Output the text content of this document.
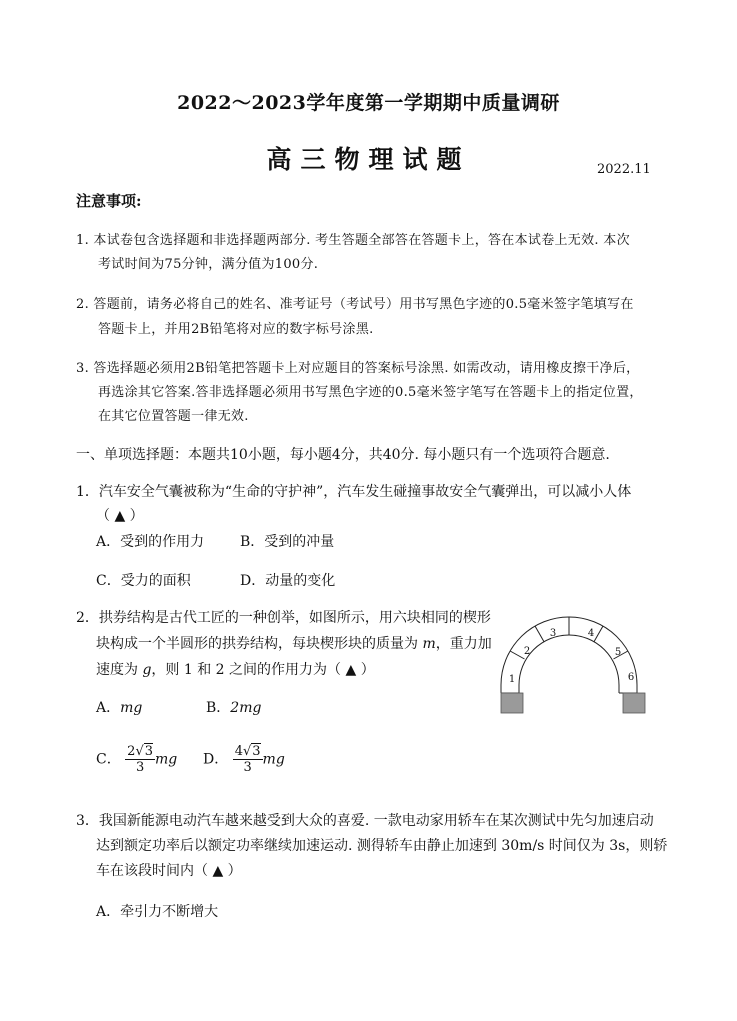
2022～2023学年度第一学期期中质量调研
高三物理试题	2022.11
注意事项:
1. 本试卷包含选择题和非选择题两部分. 考生答题全部答在答题卡上，答在本试卷上无效. 本次
考试时间为75分钟，满分值为100分.
2. 答题前，请务必将自己的姓名、准考证号（考试号）用书写黑色字迹的0.5毫米签字笔填写在
答题卡上，并用2B铅笔将对应的数字标号涂黑.
3. 答选择题必须用2B铅笔把答题卡上对应题目的答案标号涂黑. 如需改动，请用橡皮擦干净后，
再选涂其它答案.答非选择题必须用书写黑色字迹的0.5毫米签字笔写在答题卡上的指定位置，
在其它位置答题一律无效.
一、单项选择题：本题共10小题，每小题4分，共40分. 每小题只有一个选项符合题意.
1．汽车安全气囊被称为“生命的守护神”，汽车发生碰撞事故安全气囊弹出，可以减小人体
（ ▲ ）
A．受到的作用力	B．受到的冲量
C．受力的面积	D．动量的变化
2．拱券结构是古代工匠的一种创举，如图所示，用六块相同的楔形
块构成一个半圆形的拱券结构，每块楔形块的质量为 m，重力加
速度为 g，则 1 和 2 之间的作用力为（ ▲ ）
A．mg	B．2mg
C． $\frac{2√3}{3}$ mg D． $\frac{4√3}{3}$ mg
1
2
3	4
5
6
3．我国新能源电动汽车越来越受到大众的喜爱. 一款电动家用轿车在某次测试中先匀加速启动
达到额定功率后以额定功率继续加速运动. 测得轿车由静止加速到 30m/s 时间仅为 3s，则轿
车在该段时间内（ ▲ ）
A．牵引力不断增大
